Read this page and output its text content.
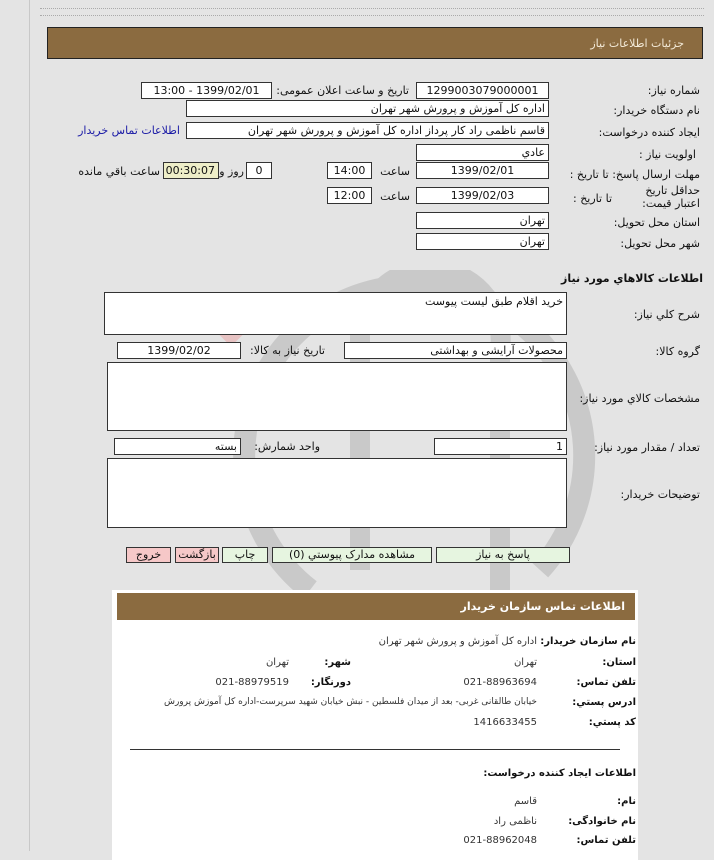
جزئیات اطلاعات نیاز
شماره نیاز:
1299003079000001
تاریخ و ساعت اعلان عمومی:
1399/02/01 - 13:00
نام دستگاه خریدار:
اداره کل آموزش و پرورش شهر تهران
ایجاد کننده درخواست:
قاسم ناظمی راد کار پرداز اداره کل آموزش و پرورش شهر تهران
اطلاعات تماس خریدار
اولویت نیاز :
عادي
مهلت ارسال پاسخ: تا تاریخ :
1399/02/01
ساعت
14:00
0
روز و
00:30:07
ساعت باقي مانده
حداقل تاریخ اعتبار قیمت:
تا تاریخ :
1399/02/03
ساعت
12:00
استان محل تحویل:
تهران
شهر محل تحویل:
تهران
اطلاعات کالاهاي مورد نیاز
شرح کلي نیاز:
خرید اقلام طبق لیست پیوست
گروه کالا:
محصولات آرایشی و بهداشتی
تاریخ نیاز به کالا:
1399/02/02
مشخصات کالاي مورد نیاز:
تعداد / مقدار مورد نیاز:
1
واحد شمارش:
بسته
توضیحات خریدار:
پاسخ به نیاز
مشاهده مدارک پیوستي (0)
چاپ
بازگشت
خروج
اطلاعات تماس سازمان خریدار
نام سازمان خریدار:
اداره کل آموزش و پرورش شهر تهران
استان:
تهران
شهر:
تهران
تلفن تماس:
021-88963694
دورنگار:
021-88979519
ادرس پستي:
خیابان طالقانی غربی- بعد از میدان فلسطین - نبش خیابان شهید سرپرست-اداره کل آموزش پرورش
کد پستي:
1416633455
اطلاعات ایجاد کننده درخواست:
نام:
قاسم
نام خانوادگی:
ناظمی راد
تلفن تماس:
021-88962048
